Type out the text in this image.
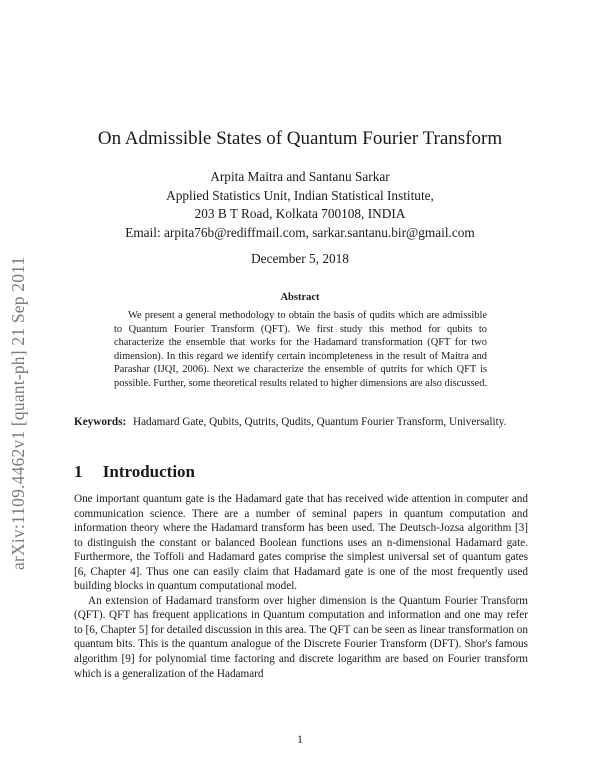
arXiv:1109.4462v1 [quant-ph] 21 Sep 2011
On Admissible States of Quantum Fourier Transform
Arpita Maitra and Santanu Sarkar
Applied Statistics Unit, Indian Statistical Institute,
203 B T Road, Kolkata 700108, INDIA
Email: arpita76b@rediffmail.com, sarkar.santanu.bir@gmail.com
December 5, 2018
Abstract
We present a general methodology to obtain the basis of qudits which are admissible to Quantum Fourier Transform (QFT). We first study this method for qubits to characterize the ensemble that works for the Hadamard transformation (QFT for two dimension). In this regard we identify certain incompleteness in the result of Maitra and Parashar (IJQI, 2006). Next we characterize the ensemble of qutrits for which QFT is possible. Further, some theoretical results related to higher dimensions are also discussed.
Keywords: Hadamard Gate, Qubits, Qutrits, Qudits, Quantum Fourier Transform, Universality.
1 Introduction

One important quantum gate is the Hadamard gate that has received wide attention in computer and communication science. There are a number of seminal papers in quantum computation and information theory where the Hadamard transform has been used. The Deutsch-Jozsa algorithm [3] to distinguish the constant or balanced Boolean functions uses an n-dimensional Hadamard gate. Furthermore, the Toffoli and Hadamard gates comprise the simplest universal set of quantum gates [6, Chapter 4]. Thus one can easily claim that Hadamard gate is one of the most frequently used building blocks in quantum computational model.

An extension of Hadamard transform over higher dimension is the Quantum Fourier Transform (QFT). QFT has frequent applications in Quantum computation and information and one may refer to [6, Chapter 5] for detailed discussion in this area. The QFT can be seen as linear transformation on quantum bits. This is the quantum analogue of the Discrete Fourier Transform (DFT). Shor's famous algorithm [9] for polynomial time factoring and discrete logarithm are based on Fourier transform which is a generalization of the Hadamard

1
